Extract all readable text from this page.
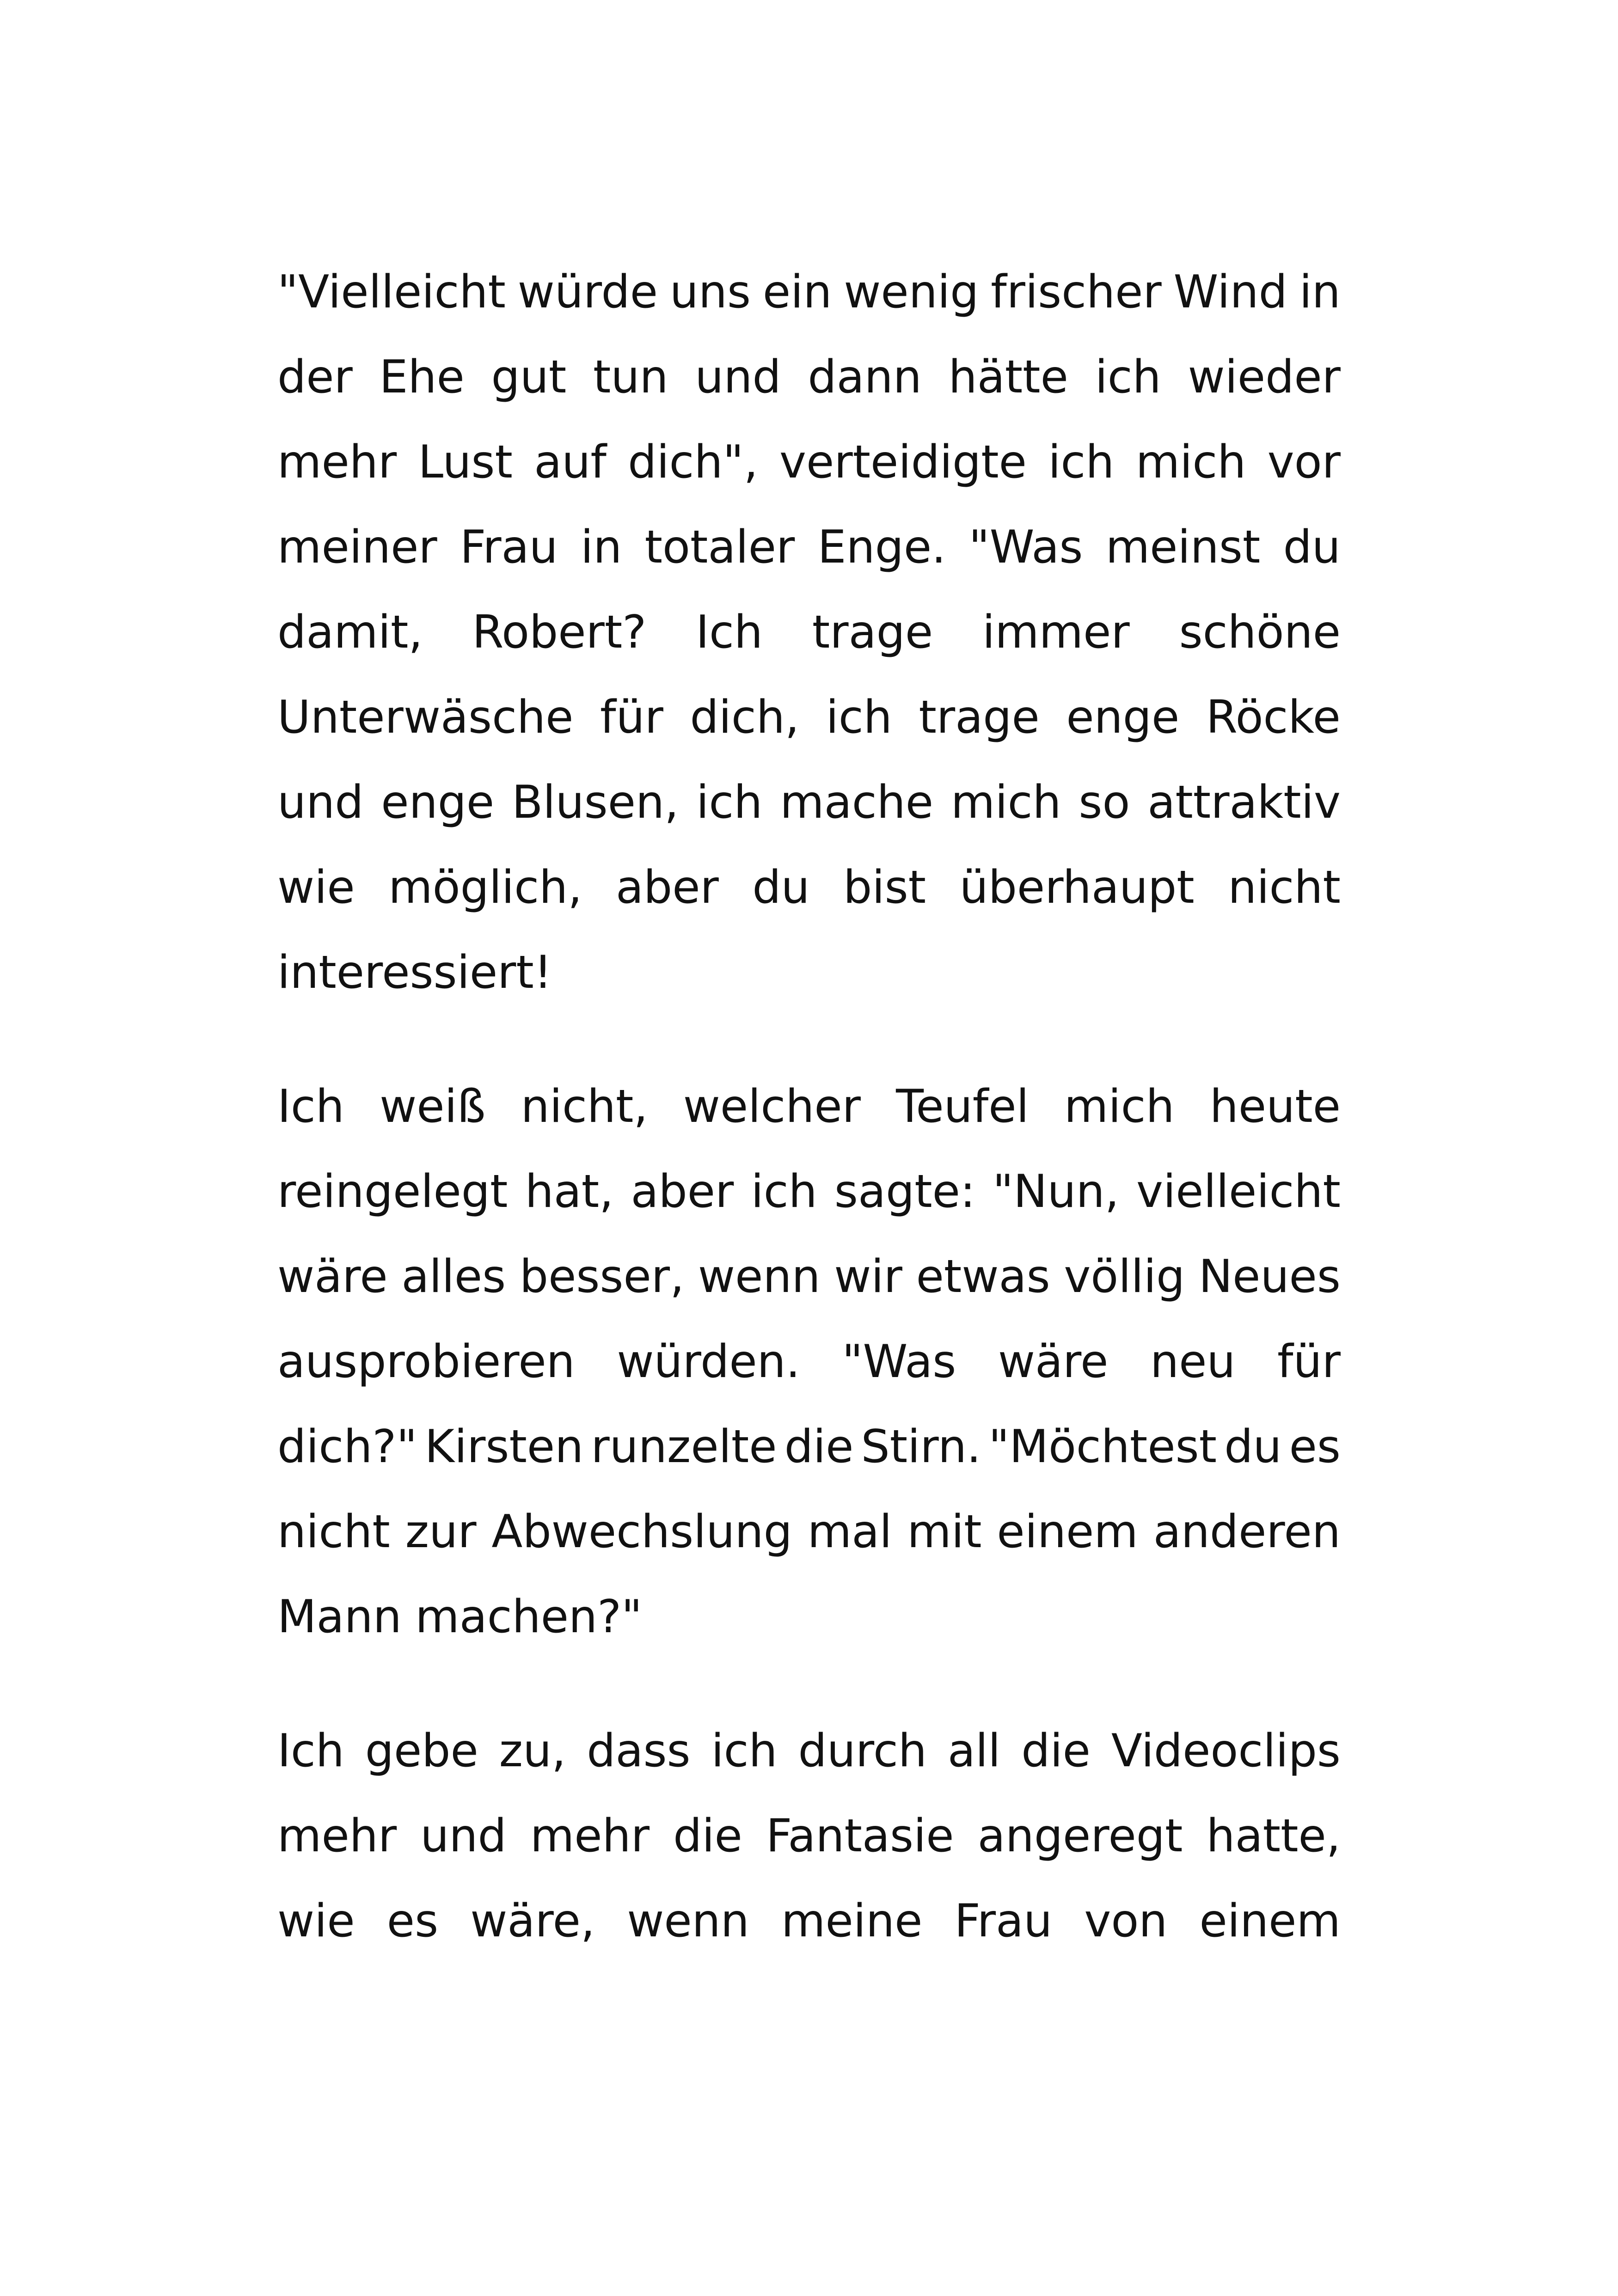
"Vielleicht würde uns ein wenig frischer Wind in
der Ehe gut tun und dann hätte ich wieder
mehr Lust auf dich", verteidigte ich mich vor
meiner Frau in totaler Enge. "Was meinst du
damit, Robert? Ich trage immer schöne
Unterwäsche für dich, ich trage enge Röcke
und enge Blusen, ich mache mich so attraktiv
wie möglich, aber du bist überhaupt nicht
interessiert!
Ich weiß nicht, welcher Teufel mich heute
reingelegt hat, aber ich sagte: "Nun, vielleicht
wäre alles besser, wenn wir etwas völlig Neues
ausprobieren würden. "Was wäre neu für
dich?" Kirsten runzelte die Stirn. "Möchtest du es
nicht zur Abwechslung mal mit einem anderen
Mann machen?"
Ich gebe zu, dass ich durch all die Videoclips
mehr und mehr die Fantasie angeregt hatte,
wie es wäre, wenn meine Frau von einem
